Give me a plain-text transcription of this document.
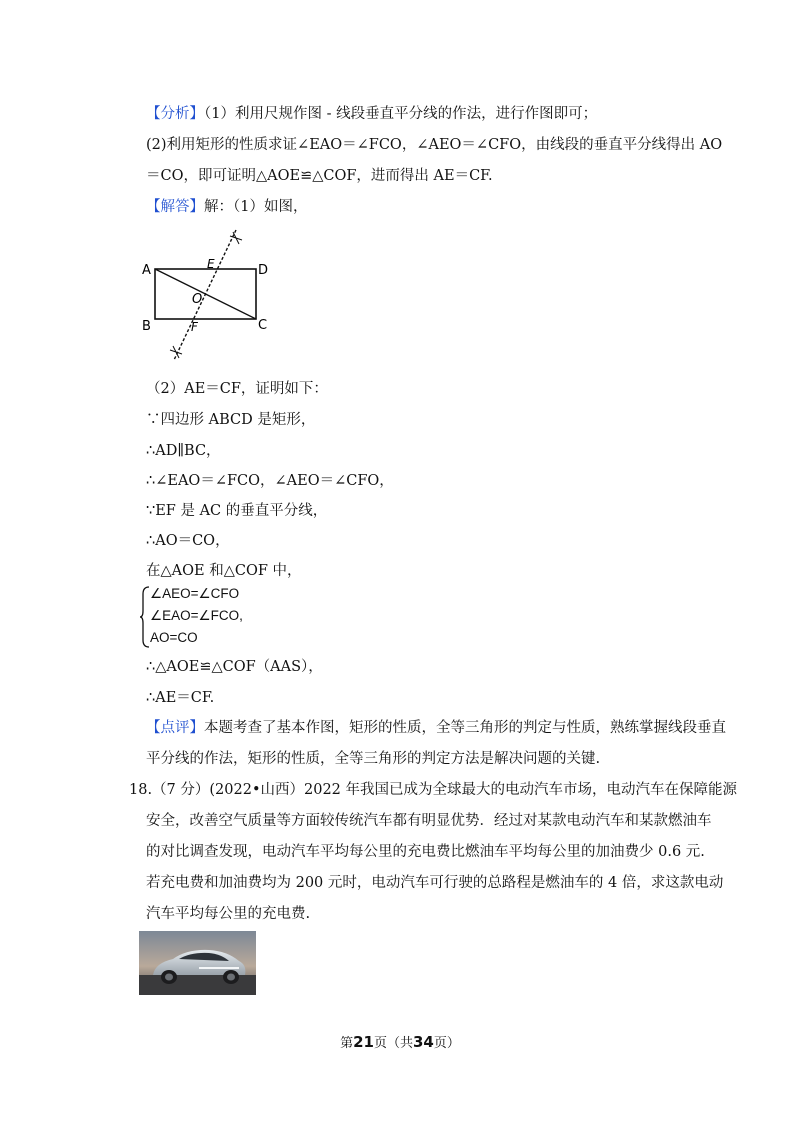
【分析】（1）利用尺规作图 - 线段垂直平分线的作法，进行作图即可；
(2)利用矩形的性质求证∠EAO＝∠FCO，∠AEO＝∠CFO，由线段的垂直平分线得出 AO
＝CO，即可证明△AOE≌△COF，进而得出 AE＝CF.
【解答】解：（1）如图，
A
B	C
D
E
F
O
（2）AE＝CF，证明如下：
∵四边形 ABCD 是矩形，
∴AD∥BC，
∴∠EAO＝∠FCO，∠AEO＝∠CFO，
∵EF 是 AC 的垂直平分线，
∴AO＝CO，
在△AOE 和△COF 中，
∠AEO=∠CFO
∠EAO=∠FCO,
AO=CO
∴△AOE≌△COF（AAS），
∴AE＝CF.
【点评】本题考查了基本作图，矩形的性质，全等三角形的判定与性质，熟练掌握线段垂直
平分线的作法，矩形的性质，全等三角形的判定方法是解决问题的关键.
18.（7 分）(2022•山西）2022 年我国已成为全球最大的电动汽车市场，电动汽车在保障能源
安全，改善空气质量等方面较传统汽车都有明显优势．经过对某款电动汽车和某款燃油车
的对比调查发现，电动汽车平均每公里的充电费比燃油车平均每公里的加油费少 0.6 元.
若充电费和加油费均为 200 元时，电动汽车可行驶的总路程是燃油车的 4 倍，求这款电动
汽车平均每公里的充电费.
第21页（共34页）
